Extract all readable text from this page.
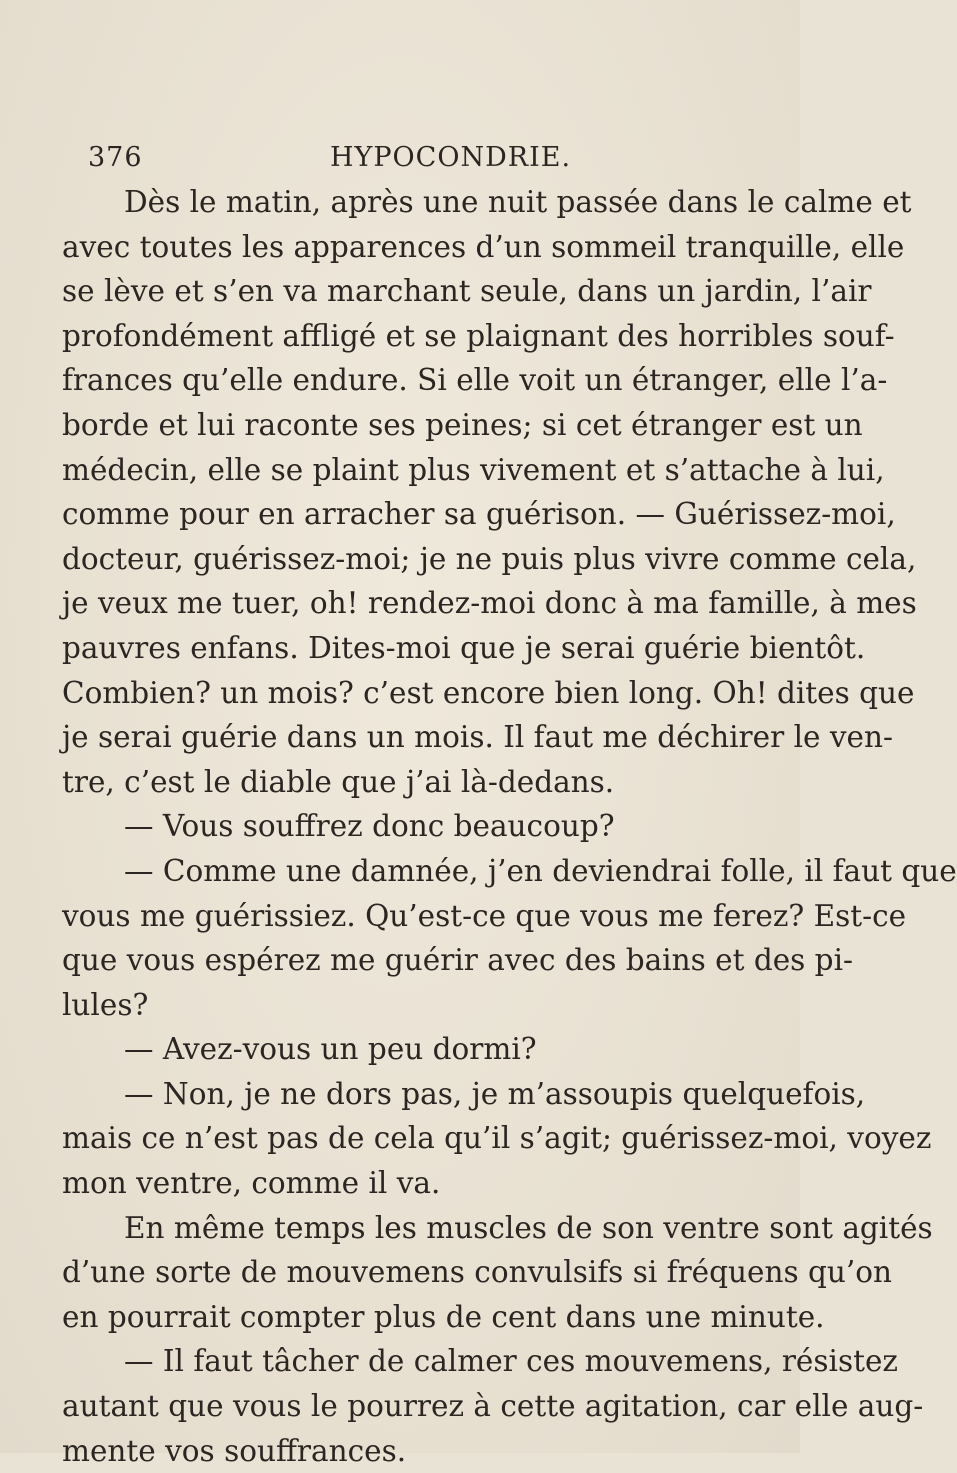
376	HYPOCONDRIE.
Dès le matin, après une nuit passée dans le calme et
avec toutes les apparences d’un sommeil tranquille, elle
se lève et s’en va marchant seule, dans un jardin, l’air
profondément affligé et se plaignant des horribles souf-
frances qu’elle endure. Si elle voit un étranger, elle l’a-
borde et lui raconte ses peines; si cet étranger est un
médecin, elle se plaint plus vivement et s’attache à lui,
comme pour en arracher sa guérison. — Guérissez-moi,
docteur, guérissez-moi; je ne puis plus vivre comme cela,
je veux me tuer, oh! rendez-moi donc à ma famille, à mes
pauvres enfans. Dites-moi que je serai guérie bientôt.
Combien? un mois? c’est encore bien long. Oh! dites que
je serai guérie dans un mois. Il faut me déchirer le ven-
tre, c’est le diable que j’ai là-dedans.
— Vous souffrez donc beaucoup?
— Comme une damnée, j’en deviendrai folle, il faut que
vous me guérissiez. Qu’est-ce que vous me ferez? Est-ce
que vous espérez me guérir avec des bains et des pi-
lules?
— Avez-vous un peu dormi?
— Non, je ne dors pas, je m’assoupis quelquefois,
mais ce n’est pas de cela qu’il s’agit; guérissez-moi, voyez
mon ventre, comme il va.
En même temps les muscles de son ventre sont agités
d’une sorte de mouvemens convulsifs si fréquens qu’on
en pourrait compter plus de cent dans une minute.
— Il faut tâcher de calmer ces mouvemens, résistez
autant que vous le pourrez à cette agitation, car elle aug-
mente vos souffrances.
